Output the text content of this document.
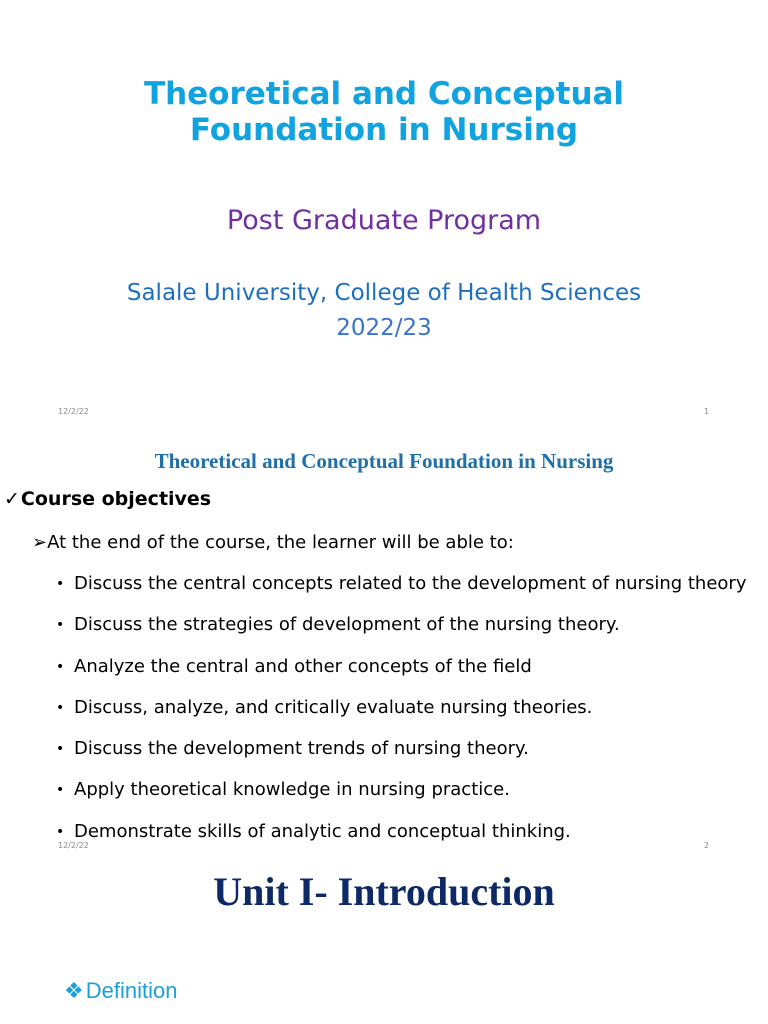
Theoretical and Conceptual
Foundation in Nursing
Post Graduate Program
Salale University, College of Health Sciences
2022/23
12/2/22	1
Theoretical and Conceptual Foundation in Nursing
✓Course objectives
➢At the end of the course, the learner will be able to:
• Discuss the central concepts related to the development of nursing theory
• Discuss the strategies of development of the nursing theory.
• Analyze the central and other concepts of the field
• Discuss, analyze, and critically evaluate nursing theories.
• Discuss the development trends of nursing theory.
• Apply theoretical knowledge in nursing practice.
• Demonstrate skills of analytic and conceptual thinking.
12/2/22	2
Unit I- Introduction
❖Definition
